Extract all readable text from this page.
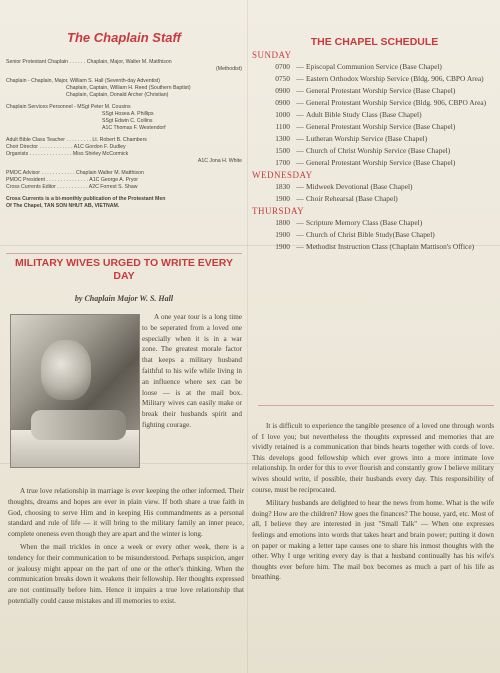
The Chaplain Staff
Senior Protestant Chaplain . . . . . . Chaplain, Major, Walter M. Matthison
(Methodist)
Chaplain - Chaplain, Major, William S. Hall (Seventh-day Adventist)
Chaplain, Captain, William H. Reed (Southern Baptist)
Chaplain, Captain, Donald Archer (Christian)
Chaplain Services Personnel - MSgt Peter M. Cousins
SSgt Hosea A. Phillips
SSgt Edwin C. Collins
A1C Thomas F. Westendorf
Adult Bible Class Teacher . . . . . . . . . Lt. Robert B. Chambers
Choir Director . . . . . . . . . . . . A1C Gordon F. Dudley
Organists . . . . . . . . . . . . . . . Miss Shirley McCormick
A1C Jona H. White
PMOC Advisor . . . . . . . . . . . . Chaplain Walter M. Matthison
PMOC President . . . . . . . . . . . . . . . A1C George A. Pryor
Cross Currents Editor . . . . . . . . . . . A2C Forrest S. Shaw
Cross Currents is a bi-monthly publication of the Protestant Men
Of The Chapel, TAN SON NHUT AB, VIETNAM.
MILITARY WIVES URGED TO WRITE EVERY DAY
by Chaplain Major W. S. Hall

A one year tour is a long time to be seperated from a loved one especially when it is in a war zone. The greatest morale factor that keeps a military husband faithful to his wife while living in an influence where sex can be loose — is at the mail box. Military wives can easily make or break their husbands spirit and fighting courage.

A true love relationship in marriage is ever keeping the other informed. Their thoughts, dreams and hopes are ever in plain view. If both share a true faith in God, choosing to serve Him and in keeping His commandments as a personal standard and rule of life — it will bring to the military family an inner peace, complete oneness even though they are apart and the winter is long.

When the mail trickles in once a week or every other week, there is a tendency for their communication to be misunderstood. Perhaps suspicion, anger or jealousy might appear on the part of one or the other's thinking. When the communication breaks down it weakens their fellowship. Her thoughts expressed are not continually before him. Hence it impairs a true love relationship that potentially could cause mistakes and ill memories to exist.

THE CHAPEL SCHEDULE
SUNDAY
0700 — Episcopal Communion Service (Base Chapel)
0750 — Eastern Orthodox Worship Service (Bldg. 906, CBPO Area)
0900 — General Protestant Worship Service (Base Chapel)
0900 — General Protestant Worship Service (Bldg. 906, CBPO Area)
1000 — Adult Bible Study Class (Base Chapel)
1100 — General Protestant Worship Service (Base Chapel)
1300 — Lutheran Worship Service (Base Chapel)
1500 — Church of Christ Worship Service (Base Chapel)
1700 — General Protestant Worship Service (Base Chapel)
WEDNESDAY
1830 — Midweek Devotional (Base Chapel)
1900 — Choir Rehearsal (Base Chapel)
THURSDAY
1800 — Scripture Memory Class (Base Chapel)
1900 — Church of Christ Bible Study(Base Chapel)
1900 — Methodist Instruction Class (Chaplain Mattison's Office)

It is difficult to experience the tangible presence of a loved one through words of I love you; but nevertheless the thoughts expressed and memories that are vividly retained is a communication that binds hearts together with cords of love. This develops good fellowship which ever grows into a more intimate love relationship. In order for this to ever flourish and constantly grow I believe military wives should write, if possible, their husbands every day. This responsibility of course, must be reciprocated.

Military husbands are delighted to hear the news from home. What is the wife doing? How are the children? How goes the finances? The house, yard, etc. Most of all, I believe they are interested in just "Small Talk" — When one expresses feelings and emotions into words that takes heart and brain power; putting it down on paper or making a letter tape causes one to share his inmost thoughts with the other. Why I urge writing every day is that a husband continually has his wife's thoughts ever before him. The mail box becomes as much a part of his life as breathing.
